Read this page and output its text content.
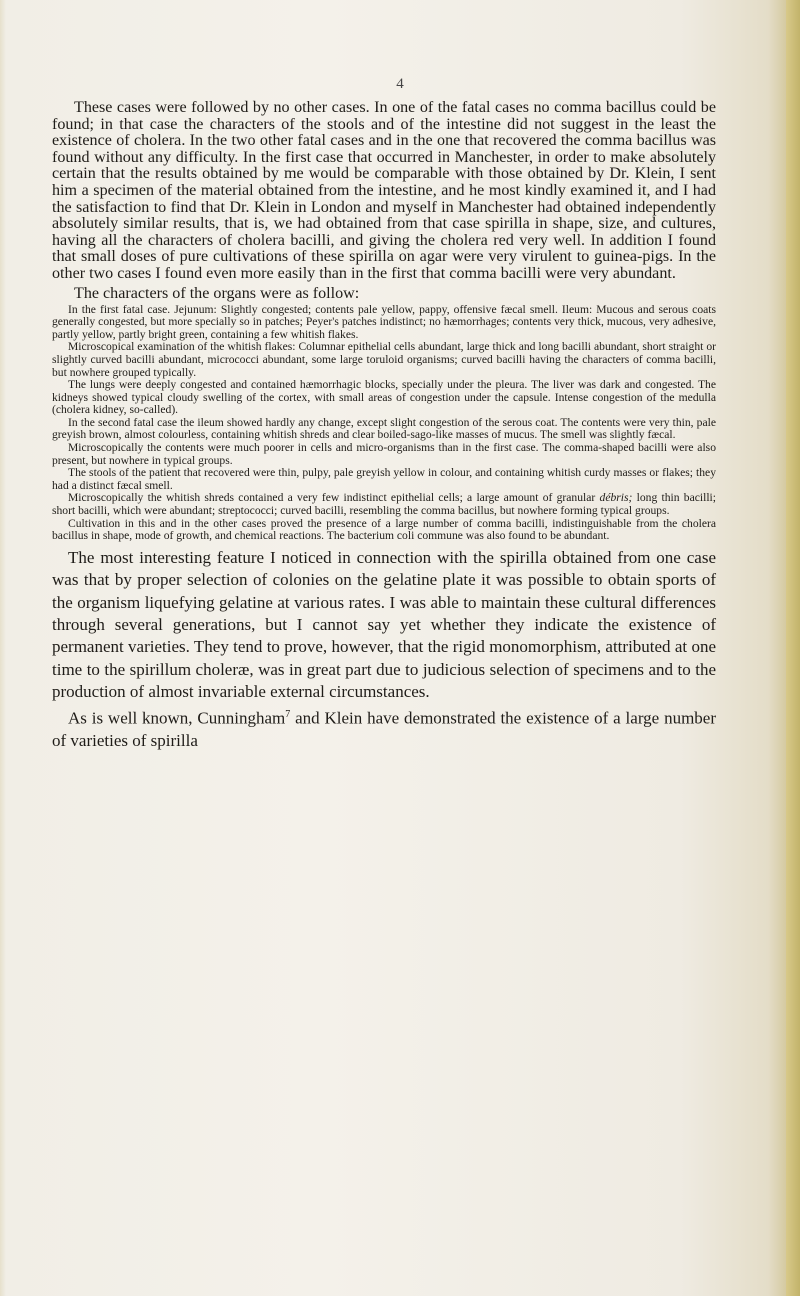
4

These cases were followed by no other cases. In one of the fatal cases no comma bacillus could be found; in that case the characters of the stools and of the intestine did not suggest in the least the existence of cholera. In the two other fatal cases and in the one that recovered the comma bacillus was found without any difficulty. In the first case that occurred in Manchester, in order to make absolutely certain that the results obtained by me would be comparable with those obtained by Dr. Klein, I sent him a specimen of the material obtained from the intestine, and he most kindly examined it, and I had the satisfaction to find that Dr. Klein in London and myself in Manchester had obtained independently absolutely similar results, that is, we had obtained from that case spirilla in shape, size, and cultures, having all the characters of cholera bacilli, and giving the cholera red very well. In addition I found that small doses of pure cultivations of these spirilla on agar were very virulent to guinea-pigs. In the other two cases I found even more easily than in the first that comma bacilli were very abundant.

The characters of the organs were as follow:

In the first fatal case. Jejunum: Slightly congested; contents pale yellow, pappy, offensive fæcal smell. Ileum: Mucous and serous coats generally congested, but more specially so in patches; Peyer's patches indistinct; no hæmorrhages; contents very thick, mucous, very adhesive, partly yellow, partly bright green, containing a few whitish flakes.

Microscopical examination of the whitish flakes: Columnar epithelial cells abundant, large thick and long bacilli abundant, short straight or slightly curved bacilli abundant, micrococci abundant, some large toruloid organisms; curved bacilli having the characters of comma bacilli, but nowhere grouped typically.

The lungs were deeply congested and contained hæmorrhagic blocks, specially under the pleura. The liver was dark and congested. The kidneys showed typical cloudy swelling of the cortex, with small areas of congestion under the capsule. Intense congestion of the medulla (cholera kidney, so-called).

In the second fatal case the ileum showed hardly any change, except slight congestion of the serous coat. The contents were very thin, pale greyish brown, almost colourless, containing whitish shreds and clear boiled-sago-like masses of mucus. The smell was slightly fæcal.

Microscopically the contents were much poorer in cells and micro-organisms than in the first case. The comma-shaped bacilli were also present, but nowhere in typical groups.

The stools of the patient that recovered were thin, pulpy, pale greyish yellow in colour, and containing whitish curdy masses or flakes; they had a distinct fæcal smell.

Microscopically the whitish shreds contained a very few indistinct epithelial cells; a large amount of granular débris; long thin bacilli; short bacilli, which were abundant; streptococci; curved bacilli, resembling the comma bacillus, but nowhere forming typical groups.

Cultivation in this and in the other cases proved the presence of a large number of comma bacilli, indistinguishable from the cholera bacillus in shape, mode of growth, and chemical reactions. The bacterium coli commune was also found to be abundant.

The most interesting feature I noticed in connection with the spirilla obtained from one case was that by proper selection of colonies on the gelatine plate it was possible to obtain sports of the organism liquefying gelatine at various rates. I was able to maintain these cultural differences through several generations, but I cannot say yet whether they indicate the existence of permanent varieties. They tend to prove, however, that the rigid monomorphism, attributed at one time to the spirillum choleræ, was in great part due to judicious selection of specimens and to the production of almost invariable external circumstances.

As is well known, Cunningham$^7$ and Klein have demonstrated the existence of a large number of varieties of spirilla
